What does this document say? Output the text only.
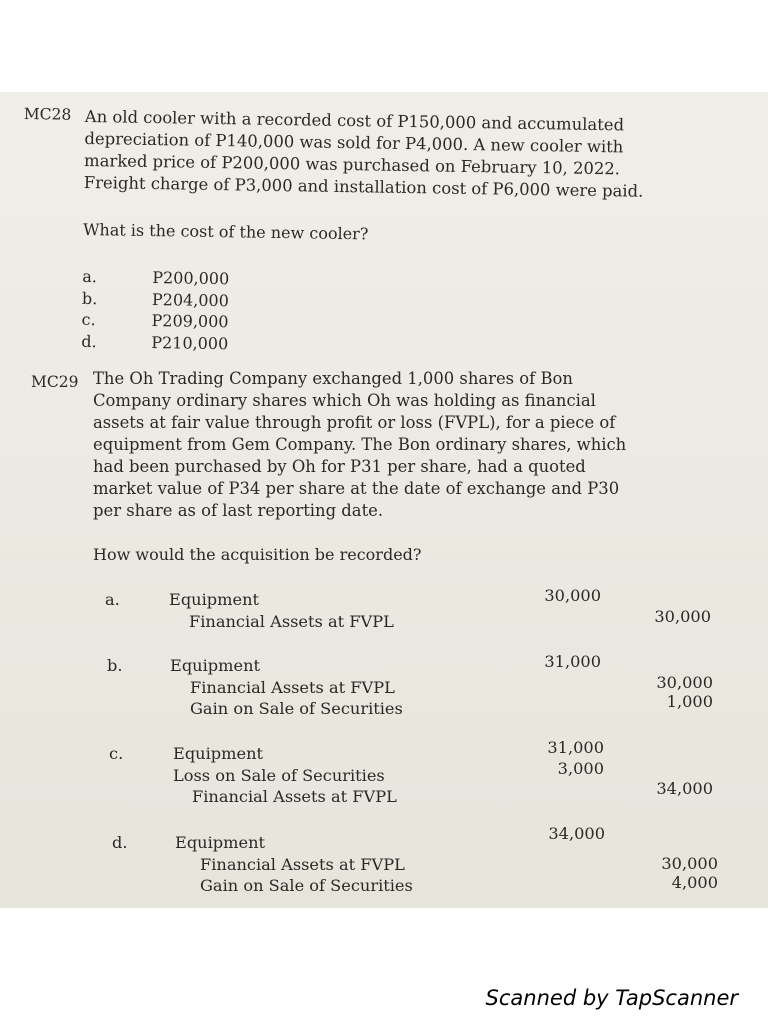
MC28 An old cooler with a recorded cost of P150,000 and accumulated
depreciation of P140,000 was sold for P4,000. A new cooler with
marked price of P200,000 was purchased on February 10, 2022.
Freight charge of P3,000 and installation cost of P6,000 were paid.

What is the cost of the new cooler?

a.	P200,000
b.	P204,000
c.	P209,000
d.	P210,000
MC29 The Oh Trading Company exchanged 1,000 shares of Bon
Company ordinary shares which Oh was holding as financial
assets at fair value through profit or loss (FVPL), for a piece of
equipment from Gem Company. The Bon ordinary shares, which
had been purchased by Oh for P31 per share, had a quoted
market value of P34 per share at the date of exchange and P30
per share as of last reporting date.

How would the acquisition be recorded?

a.	Equipment	30,000
Financial Assets at FVPL	30,000
b.	Equipment	31,000
Financial Assets at FVPL	30,000
Gain on Sale of Securities	1,000
c.	Equipment	31,000
Loss on Sale of Securities	3,000
Financial Assets at FVPL	34,000
d.	Equipment	34,000
Financial Assets at FVPL	30,000
Gain on Sale of Securities	4,000
Scanned by TapScanner
